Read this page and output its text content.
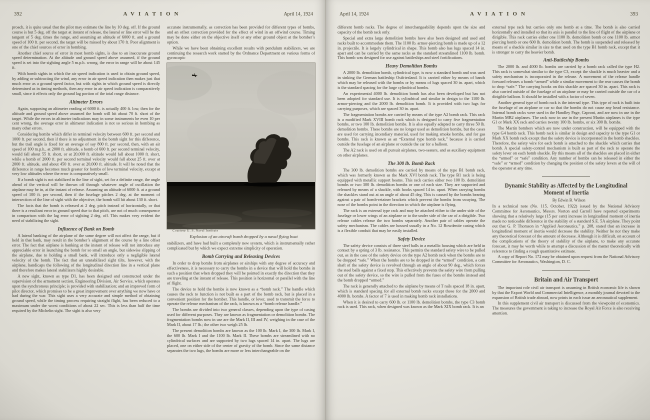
392	AVIATION	April 14, 1924

proach, it is quite usual that the pilot may estimate the line by 10 deg. off. If the ground course is but 5 deg. off the target at instant of release, the lateral or line error will be the tangent of 5 deg. times the range, and assuming an altitude of 6000 ft. and a ground speed of 100 ft. per second, the target will be missed by about 170 ft. Poor alignment is one of the chief sources of error in bombing.

Another chief source of error in most bomb sights, is due to an inaccurate ground speed determination. At the altitude and ground speed above assumed, if the ground speed is set into the sighting angle 5 m.p.h. wrong, the error in range will be about 145 ft.

With bomb sights in which the air speed indication is used to obtain ground speed, by adding or subtracting the wind, any error in air speed indication then makes just that much error as a ground speed factor, but with sights in which ground speed is directly determined as in timing methods, then any error in air speed indication is comparatively small, since it effects only the ground lag portion of the total range distance.

Altimeter Errors

Again, supposing an altimeter reading of 6000 ft. is actually 400 ft. low, then for the altitude and ground speed above assumed the bomb will hit about 70 ft. short of the target. While the errors in altimeter indications may in some instruments be even 10 per cent wrong, the average error in altimeter indication is not so serious in bombing as many other errors.

Considering bombs which differ in terminal velocity between 600 ft. per second and 1000 ft. per second, then if there is no adjustment in the bomb sight for this difference, but the trail angle is fixed for an average of say 800 ft. per second, then, with an air speed of 100 m.p.h., at 2000 ft. altitude, a bomb of 600 ft. per second terminal velocity, would fall about 55 ft. short, or at 20,000 ft. altitude would fall about 1000 ft. short, while a bomb of 2000 ft. per second terminal velocity would fall about 25 ft. over at 2000 ft. altitude, and about 450 ft. over at 20,000 ft. altitude. It will be noted that the difference in range becomes much greater for bombs of low terminal velocity, except at very low altitudes where the error is comparatively small.

If a bomb sight is not stabilized in the line of sight, set for a definite range, the angle ahead of the vertical will be thrown off through whatever angle of oscillation the airplane may be in, at the instant of release. Assuming an altitude of 6000 ft. at a ground speed of 100 ft. per second, then if the fuselage pitches 2 deg. at the moment of intersection of the line of sight with the objective, the bomb will hit about 130 ft. short.

The facts that the bomb is released at 2 deg. pitch instead of horizontally, or that there is a resultant error in ground speed due to that pitch, are not of much consequence in comparison with the lag error of sighting 2 deg. off. This makes very evident the need of stabilizing the sight.

Influence of Bank on Bomb

A lateral banking of the airplane of the same degree will not affect the range, but if held in that bank, may result in the bomber’s alignment of the course by a line offset error. The fact that airplane is banking at the instant of release will not introduce any appreciable error in launching the bomb for so small an angle, but sidewise slipping of the airplane, due to holding a small bank, will introduce only a negligible lateral velocity of the bomb. The fact that an unstabilized sight tilts, however, with the airplane, handicaps the following of the longitudinal direction line in a vertical plane and therefore makes lateral stabilizers highly desirable.

A new sight, known as type D1, has been designed and constructed under the supervision of the armament section, Engineering Division, Air Service, which operates upon the synchronous principle; is provided with stabilization; and an improved form of pilot director, which promises to be a great improvement over anything we now have or had during the war. This sight uses a very accurate and simple method of obtaining ground speed, while the timing process requiring straight flight, has been reduced to a maximum under the worst conditions of about 22 sec. This is less than half the time required by the Michelin sight. The sight is also very

accurate instrumentally, as correction has been provided for different types of bombs, and an offset correction provided for the effect of wind in an offwind course. Timing may be done either on the objective itself or any other ground object at the bomber’s option.

While we have been obtaining excellent results with pendulum stabilizers, we are continuing the research work started by the Ordnance Department on various forms of gyroscopic

Courtesy U. S. Naval Institute

Explosion of an aircraft bomb dropped by a naval flying boat

stabilizers, and have had built a completely new system, which is instrumentally rather complicated but by which we expect extreme simplicity of operation.

Bomb Carrying and Releasing Devices

In order to drop bombs from airplanes or airships with any degree of accuracy and effectiveness, it is necessary to carry the bombs in a device that will hold the bombs in such a position that when dropped they will be pointed in exactly the direction that they are traveling at the instant of release. This position is horizontal or parallel with the line of flight.

The device to hold the bombs is now known as a “bomb rack.” The handle which causes the rack to function is not built as a part of the bomb rack, but is placed in a convenient position for the bomber. This handle, or lever, used to transmit the force to operate the release mechanism of the rack, is known as a “bomb release handle.”

The bombs are divided into two general classes, depending upon the type of casing used for different purposes. They are known as fragmentation or demolition bombs. The fragmentation bombs now in use are the Mark II, III and IV, weighing in the case of the Mark II, about 17 lb.; the other two weigh 25 lb.

The present demolition bombs are known as the 100 lb. Mark I, the 300 lb. Mark I, the 600 lb. Mark I and the 1100 lb. Mark II. These bombs are streamlined with no cylindrical surfaces and are supported by two lugs spaced 14 in. apart. The lugs are placed, one on either side of the center of gravity of the bomb. Since the same distance separates the two lugs, the bombs are more or less interchangeable on the

April 14, 1924	AVIATION	393

different bomb racks. The degree of interchangeability depends upon the size and capacity of the bomb rack only.

Special and extra large demolition bombs have also been designed and used and racks built to accommodate them. The 1100 lb. armor-piercing bomb is made up of a 12 in. projectile. It is largely cylindrical in shape. This bomb also has lugs spaced 14 in. apart and can be carried by the same racks as the standard streamlined 1100 lb. bomb. This bomb was designed for use against battleships and steel fortifications.

Heavy Demolition Bombs

A 2000 lb. demolition bomb, cylindrical type, is now a standard bomb and was used in sinking the German battleship Ostfriesland. It is carried either by means of bands which may be released with the bombs or by means of lugs spaced 30 in. apart, which is the standard spacing for the large cylindrical bombs.

An experimental 4000 lb. demolition bomb has also been developed but has not been adopted for standard use. It is cylindrical and similar in design to the 1100 lb. armor-piercing and the 2000 lb. demolition bomb. It is provided with two lugs for carrying purposes, which are spaced 30 in. apart.

The fragmentation bombs are carried by means of the type A2 bomb rack. This rack is a modified Mark XVIII bomb rack which is designed to carry five fragmentation bombs, or two 100 lb. demolition bombs. It is also equally adapted to carry three 50 lb. demolition bombs. These bombs are no longer used as demolition bombs, but the cases are used for carrying incendiary material, used for making smoke bombs, and for gas bombs. This rack is known as an “External type bomb rack,” because it is carried outside the fuselage of an airplane or outside the car for a balloon.

The A2 rack is used on all pursuit airplanes, two-seaters, and as auxiliary equipment on other airplanes.

The 300 lb. Bomb Rack

The 300 lb. demolition bombs are carried by means of the type B1 bomb rack, which was formerly known as the Mark XVI bomb rack. The type B1 rack is being equipped with metallic support beams. This rack carries either two 100 lb. demolition bombs or two 300 lb. demolition bombs or one of each size. They are supported and released by means of a shackle, with hooks spaced 14 in. apart. When carrying bombs the shackles stand out at an angle of about 45 deg. This is caused by the bombs bearing against a pair of bomb-retainer brackets which prevent the bombs from swaying. The nose of the bombs point in the direction in which the airplane is flying.

The rack is an external type rack and may be attached either to the under side of the fuselage or lower wings of an airplane or to the under side of the car of a dirigible. Two release cables release the two bombs separately. Another pair of cables operate the safety mechanism. The cables are housed usually in a No. 12 Bowdenite casing which is a flexible conduit that may be easily installed.

Safety Device

The safety device consists of three steel balls in a metallic housing which are held in contact by a spring of 3 lb. resistance. This permits the standard safety wire to be pulled out, as in the case of the safety device on the type A2 bomb rack when the bombs are to be dropped “safe.” When the bombs are to be dropped in the “armed” condition, a cam shaft of the safety device is revolved through an angle of about 90 deg., which forces the steel balls against a fixed stop. This effectively prevents the safety wire from pulling out of the safety device, so the wire is pulled from the fuses of the bombs instead and the bomb dropped “armed.”

The rack is generally attached to the airplane by means of T rails spaced 18 in. apart, which is standard spacing for all external bomb racks except those for the 2000 and 4000 lb. bombs. A factor of 7 is used in making bomb rack installations.

When it is desired to carry 600 lb. or 1100 lb. demolition bombs, the type C3 bomb rack is used. This rack, when designed was known as the Mark XIX bomb rack. It is an

external type rack but carries only one bomb at a time. The bomb is also carried horizontally and installed so that its axis is parallel to the line of flight of the airplane or dirigible. This rack carries either one 1100 lb. demolition bomb or one 1100 lb. armor piercing bomb or one 600 lb. demolition bomb. The bomb is suspended and released by means of a shackle similar in size to that used on the type B1 bomb rack, except that it is stronger to carry the heavier bomb.

Anti-Battleship Bombs

The 2000 lb. and 4000 lb. bombs are carried by a bomb rack called the type H2. This rack is somewhat similar to the type C3, except the shackle is much heavier and a safety mechanism is incorporated in the release. A movement of the release handle forward releases a bomb “armed” while a similar movement to the rear causes the bomb to drop “safe.” The carrying hooks on this shackle are spaced 30 in. apart. This rack is also carried outside of the fuselage of an airplane or may be carried outside the car of a dirigible balloon. It should be installed with a factor of seven.

Another general type of bomb rack is the internal type. This type of rack is built into the fuselage of an airplane or car so that the bombs do not cause any head resistance. Internal bomb racks were used in the Handley Page, Caproni, and are now in use in the Martin MB2 airplanes. The rack now in use in the present Martin airplanes is the type G1 or Mark XX rack and carries twenty 100 lb. bombs, or six 300 lb. bombs.

The Martin bombers which are now under construction, will be equipped with the type G4 bomb rack. This bomb rack is similar in design and capacity to the type G1 or Mark XX bomb rack except that the safety device is incorporated in the bomb shackles. Therefore, the safety wire for each bomb is attached to the shackle which carries that bomb. A special safety-control mechanism is built as part of the rack to operate the safety lever on each bomb shackle. By this means all of the shackles are placed in either the “armed” or “safe” condition. Any number of bombs can be released in either the “safe” or “armed” condition by changing the position of the safety levers at the will of the operator at any time.

Dynamic Stability as Affected by the Longitudinal Moment of Inertia

By Edwin B. Wilson

In a technical note (No. 115, October, 1922) issued by the National Advisory Committee for Aeronautics, Messrs. Norton and Carroll have reported experiments showing that a relatively large (15 per cent) increase in longitudinal moment of inertia made no noticeable difference in the stability of a standard S.E. 5A airplane. They point out that G. P. Thomson in “Applied Aeronautics,” p. 208, stated that an increase in longitudinal moment of inertia would decrease the stability. Neither he nor they make any theoretical forecast of the amount of decrease. Although it is difficult, on account of the complications of the theory of stability of the airplane, to make any accurate forecast, it may be worth while to attempt a discussion of the matter theoretically with reference to finding a rough quantitative estimate.

A copy of Report No. 172 may be obtained upon request from the National Advisory Committee for Aeronautics, Washington, D. C.

Britain and Air Transport

The important role civil air transport is assuming in British economic life is shown by that the Export World and Commercial Intelligence, a monthly journal devoted to the expansion of British trade abroad, now prints in each issue an aeronautical supplement.

In this supplement civil air transport is discussed from the viewpoint of economics. The measures the government is taking to increase the Royal Air Force is also receiving attention.
